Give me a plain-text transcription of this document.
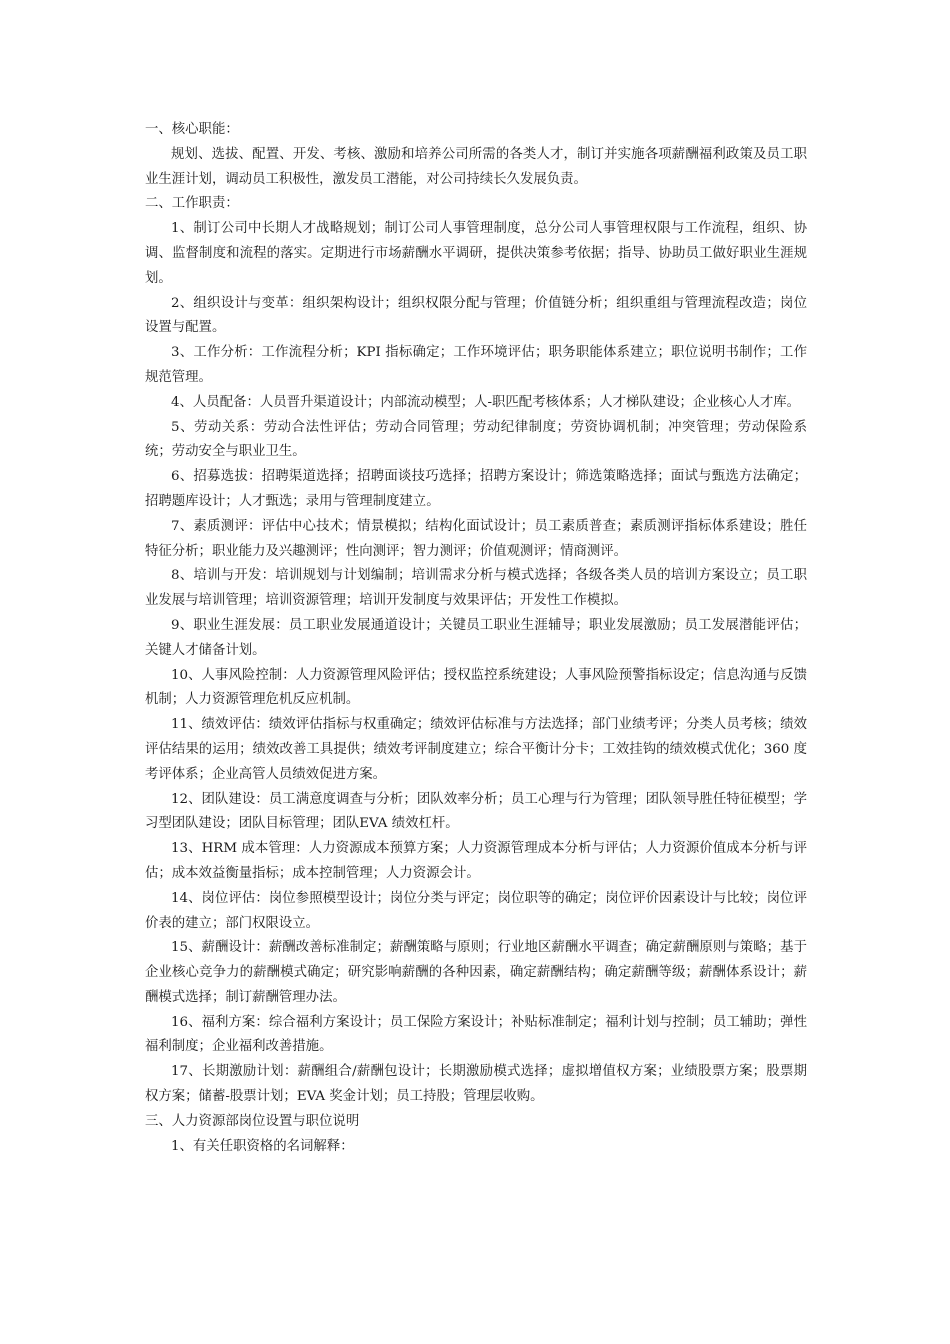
一、核心职能：

规划、选拔、配置、开发、考核、激励和培养公司所需的各类人才，制订并实施各项薪酬福利政策及员工职业生涯计划，调动员工积极性，激发员工潜能，对公司持续长久发展负责。

二、工作职责：

1、制订公司中长期人才战略规划；制订公司人事管理制度，总分公司人事管理权限与工作流程，组织、协调、监督制度和流程的落实。定期进行市场薪酬水平调研，提供决策参考依据；指导、协助员工做好职业生涯规划。

2、组织设计与变革：组织架构设计；组织权限分配与管理；价值链分析；组织重组与管理流程改造；岗位设置与配置。

3、工作分析：工作流程分析；KPI 指标确定；工作环境评估；职务职能体系建立；职位说明书制作；工作规范管理。

4、人员配备：人员晋升渠道设计；内部流动模型；人-职匹配考核体系；人才梯队建设；企业核心人才库。

5、劳动关系：劳动合法性评估；劳动合同管理；劳动纪律制度；劳资协调机制；冲突管理；劳动保险系统；劳动安全与职业卫生。

6、招募选拔：招聘渠道选择；招聘面谈技巧选择；招聘方案设计；筛选策略选择；面试与甄选方法确定；招聘题库设计；人才甄选；录用与管理制度建立。

7、素质测评：评估中心技术；情景模拟；结构化面试设计；员工素质普查；素质测评指标体系建设；胜任特征分析；职业能力及兴趣测评；性向测评；智力测评；价值观测评；情商测评。

8、培训与开发：培训规划与计划编制；培训需求分析与模式选择；各级各类人员的培训方案设立；员工职业发展与培训管理；培训资源管理；培训开发制度与效果评估；开发性工作模拟。

9、职业生涯发展：员工职业发展通道设计；关键员工职业生涯辅导；职业发展激励；员工发展潜能评估；关键人才储备计划。

10、人事风险控制：人力资源管理风险评估；授权监控系统建设；人事风险预警指标设定；信息沟通与反馈机制；人力资源管理危机反应机制。

11、绩效评估：绩效评估指标与权重确定；绩效评估标准与方法选择；部门业绩考评；分类人员考核；绩效评估结果的运用；绩效改善工具提供；绩效考评制度建立；综合平衡计分卡；工效挂钩的绩效模式优化；360 度考评体系；企业高管人员绩效促进方案。

12、团队建设：员工满意度调查与分析；团队效率分析；员工心理与行为管理；团队领导胜任特征模型；学习型团队建设；团队目标管理；团队EVA 绩效杠杆。

13、HRM 成本管理：人力资源成本预算方案；人力资源管理成本分析与评估；人力资源价值成本分析与评估；成本效益衡量指标；成本控制管理；人力资源会计。

14、岗位评估：岗位参照模型设计；岗位分类与评定；岗位职等的确定；岗位评价因素设计与比较；岗位评价表的建立；部门权限设立。

15、薪酬设计：薪酬改善标准制定；薪酬策略与原则；行业地区薪酬水平调查；确定薪酬原则与策略；基于企业核心竞争力的薪酬模式确定；研究影响薪酬的各种因素，确定薪酬结构；确定薪酬等级；薪酬体系设计；薪酬模式选择；制订薪酬管理办法。

16、福利方案：综合福利方案设计；员工保险方案设计；补贴标准制定；福利计划与控制；员工辅助；弹性福利制度；企业福利改善措施。

17、长期激励计划：薪酬组合/薪酬包设计；长期激励模式选择；虚拟增值权方案；业绩股票方案；股票期权方案；储蓄-股票计划；EVA 奖金计划；员工持股；管理层收购。

三、人力资源部岗位设置与职位说明

1、有关任职资格的名词解释：
